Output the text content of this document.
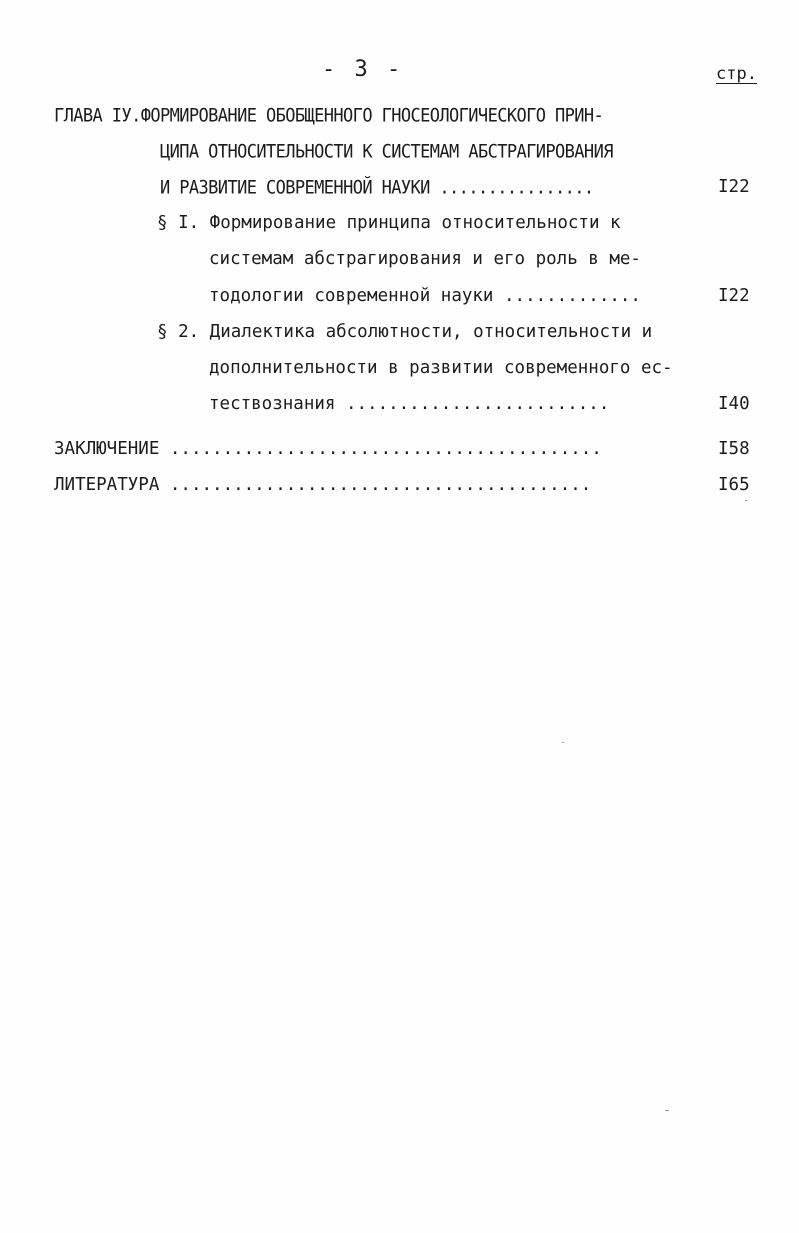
- 3 -	стр.
ГЛАВА IУ.ФОРМИРОВАНИЕ ОБОБЩЕННОГО ГНОСЕОЛОГИЧЕСКОГО ПРИН-
ЦИПА ОТНОСИТЕЛЬНОСТИ К СИСТЕМАМ АБСТРАГИРОВАНИЯ
И РАЗВИТИЕ СОВРЕМЕННОЙ НАУКИ ................	I22
§ I. Формирование принципа относительности к
системам абстрагирования и его роль в ме-
тодологии современной науки .............	I22
§ 2. Диалектика абсолютности, относительности и
дополнительности в развитии современного ес-
тествознания .........................	I40
ЗАКЛЮЧЕНИЕ .........................................	I58
ЛИТЕРАТУРА ........................................	I65
